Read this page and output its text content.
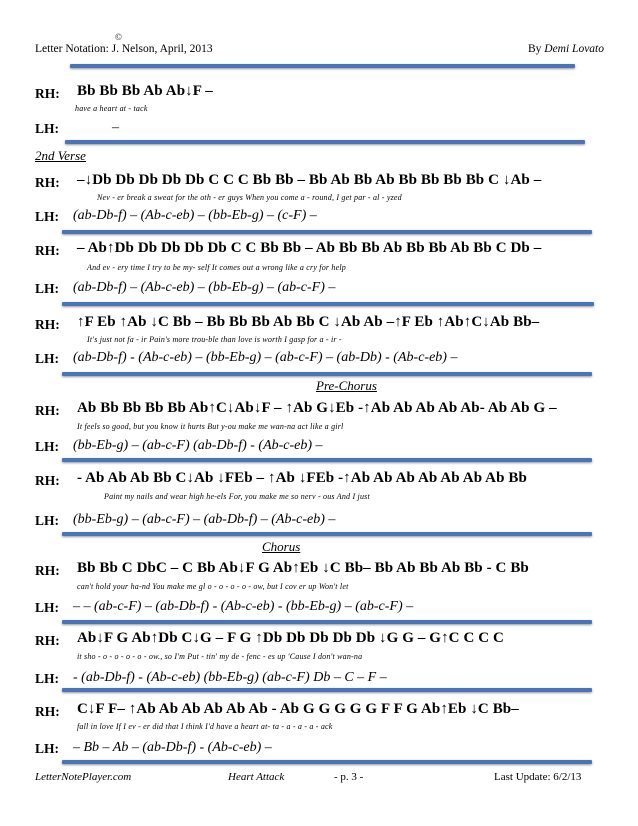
Letter Notation: J. Nelson, April, 2013
©
By Demi Lovato
RH: Bb Bb Bb Ab Ab↓F –
have a heart at - tack
LH:	–
2nd Verse
RH: –↓Db Db Db Db Db C C C Bb Bb – Bb Ab Bb Ab Bb Bb Bb Bb C ↓Ab –
Nev - er break a sweat for the oth - er guys When you come a - round, I get par - al - yzed
LH: (ab-Db-f) – (Ab-c-eb) – (bb-Eb-g) – (c-F) –
RH: – Ab↑Db Db Db Db Db C C Bb Bb – Ab Bb Bb Ab Bb Bb Ab Bb C Db –
And ev - ery time I try to be my- self It comes out a wrong like a cry for help
LH: (ab-Db-f) – (Ab-c-eb) – (bb-Eb-g) – (ab-c-F) –
RH: ↑F Eb ↑Ab ↓C Bb – Bb Bb Bb Ab Bb C ↓Ab Ab –↑F Eb ↑Ab↑C↓Ab Bb–
It's just not fa - ir Pain's more trou-ble than love is worth I gasp for a - ir -
LH: (ab-Db-f) - (Ab-c-eb) – (bb-Eb-g) – (ab-c-F) – (ab-Db) - (Ab-c-eb) –
Pre-Chorus
RH: Ab Bb Bb Bb Bb Ab↑C↓Ab↓F – ↑Ab G↓Eb -↑Ab Ab Ab Ab Ab- Ab Ab G –
It feels so good, but you know it hurts But y-ou make me wan-na act like a girl
LH: (bb-Eb-g) – (ab-c-F) (ab-Db-f) - (Ab-c-eb) –
RH: - Ab Ab Ab Bb C↓Ab ↓FEb – ↑Ab ↓FEb -↑Ab Ab Ab Ab Ab Ab Ab Bb
Paint my nails and wear high he-els For, you make me so nerv - ous And I just
LH: (bb-Eb-g) – (ab-c-F) – (ab-Db-f) – (Ab-c-eb) –
Chorus
RH: Bb Bb C DbC – C Bb Ab↓F G Ab↑Eb ↓C Bb– Bb Ab Bb Ab Bb - C Bb
can't hold your ha-nd You make me gl o - o - o - o - ow, but I cov er up Won't let
LH: – – (ab-c-F) – (ab-Db-f) - (Ab-c-eb) - (bb-Eb-g) – (ab-c-F) –
RH: Ab↓F G Ab↑Db C↓G – F G ↑Db Db Db Db Db ↓G G – G↑C C C C
it sho - o - o - o - o - ow., so I'm Put - tin' my de - fenc - es up 'Cause I don't wan-na
LH: - (ab-Db-f) - (Ab-c-eb) (bb-Eb-g) (ab-c-F) Db – C – F –
RH: C↓F F– ↑Ab Ab Ab Ab Ab Ab - Ab G G G G G F F G Ab↑Eb ↓C Bb–
fall in love If I ev - er did that I think I'd have a heart at- ta - a - a - a - ack
LH: – Bb – Ab – (ab-Db-f) - (Ab-c-eb) –
LetterNotePlayer.com	Heart Attack	- p. 3 -	Last Update: 6/2/13
